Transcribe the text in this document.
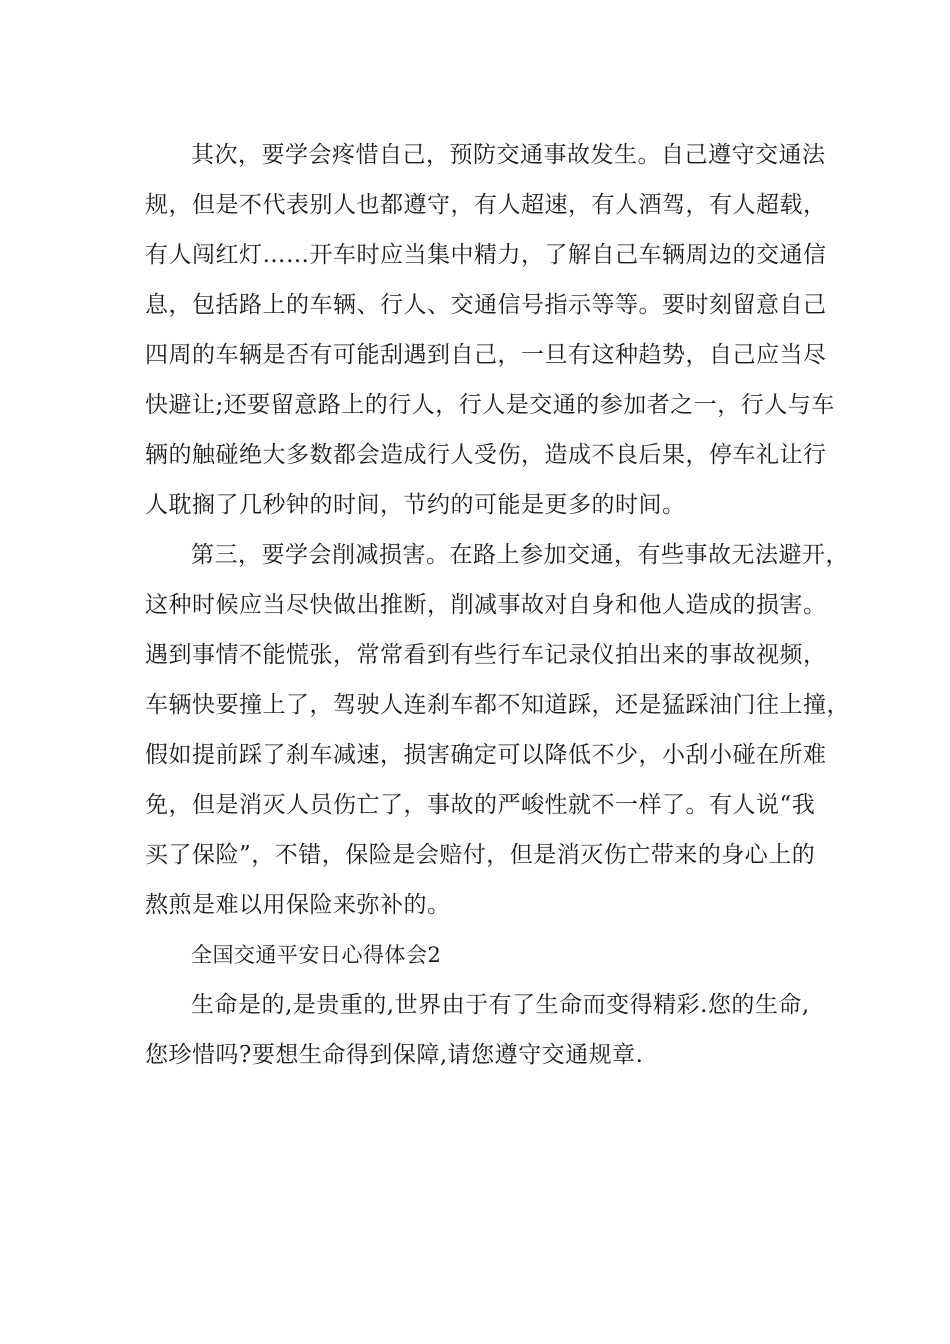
其次，要学会疼惜自己，预防交通事故发生。自己遵守交通法
规，但是不代表别人也都遵守，有人超速，有人酒驾，有人超载，
有人闯红灯……开车时应当集中精力，了解自己车辆周边的交通信
息，包括路上的车辆、行人、交通信号指示等等。要时刻留意自己
四周的车辆是否有可能刮遇到自己，一旦有这种趋势，自己应当尽
快避让;还要留意路上的行人，行人是交通的参加者之一，行人与车
辆的触碰绝大多数都会造成行人受伤，造成不良后果，停车礼让行
人耽搁了几秒钟的时间，节约的可能是更多的时间。
第三，要学会削减损害。在路上参加交通，有些事故无法避开，
这种时候应当尽快做出推断，削减事故对自身和他人造成的损害。
遇到事情不能慌张，常常看到有些行车记录仪拍出来的事故视频，
车辆快要撞上了，驾驶人连刹车都不知道踩，还是猛踩油门往上撞，
假如提前踩了刹车减速，损害确定可以降低不少，小刮小碰在所难
免，但是消灭人员伤亡了，事故的严峻性就不一样了。有人说“我
买了保险”，不错，保险是会赔付，但是消灭伤亡带来的身心上的
熬煎是难以用保险来弥补的。
全国交通平安日心得体会2
生命是的,是贵重的,世界由于有了生命而变得精彩.您的生命,
您珍惜吗?要想生命得到保障,请您遵守交通规章.
